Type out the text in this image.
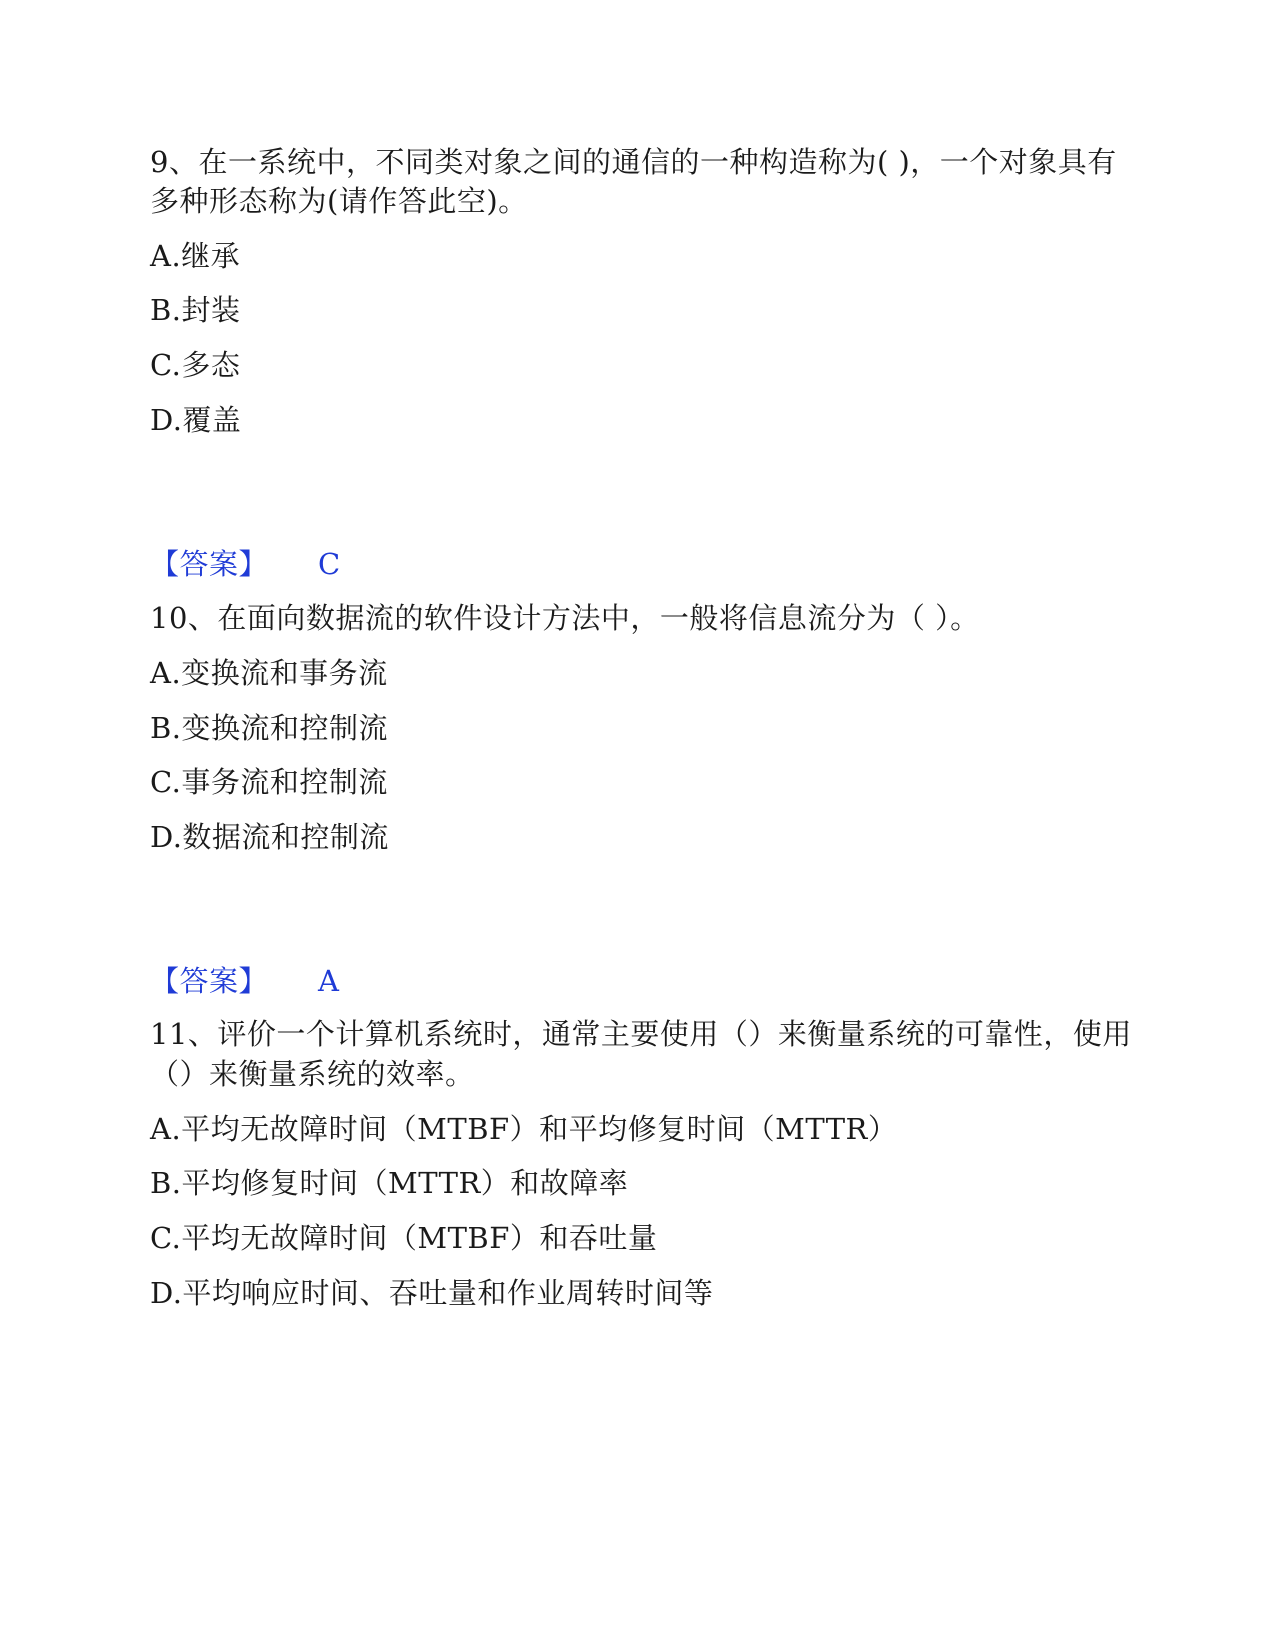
9、在一系统中，不同类对象之间的通信的一种构造称为( )，一个对象具有
多种形态称为(请作答此空)。
A.继承
B.封装
C.多态
D.覆盖
【答案】 C
10、在面向数据流的软件设计方法中，一般将信息流分为（ ）。
A.变换流和事务流
B.变换流和控制流
C.事务流和控制流
D.数据流和控制流
【答案】 A
11、评价一个计算机系统时，通常主要使用（）来衡量系统的可靠性，使用
（）来衡量系统的效率。
A.平均无故障时间（MTBF）和平均修复时间（MTTR）
B.平均修复时间（MTTR）和故障率
C.平均无故障时间（MTBF）和吞吐量
D.平均响应时间、吞吐量和作业周转时间等
